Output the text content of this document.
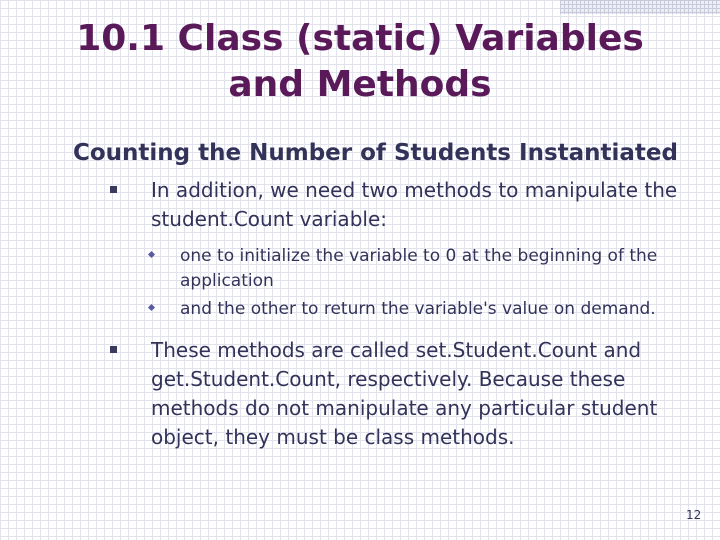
10.1 Class (static) Variables
and Methods
Counting the Number of Students Instantiated
In addition, we need two methods to manipulate the student.Count variable:
one to initialize the variable to 0 at the beginning of the application
and the other to return the variable's value on demand.
These methods are called set.Student.Count and get.Student.Count, respectively. Because these methods do not manipulate any particular student object, they must be class methods.
12
